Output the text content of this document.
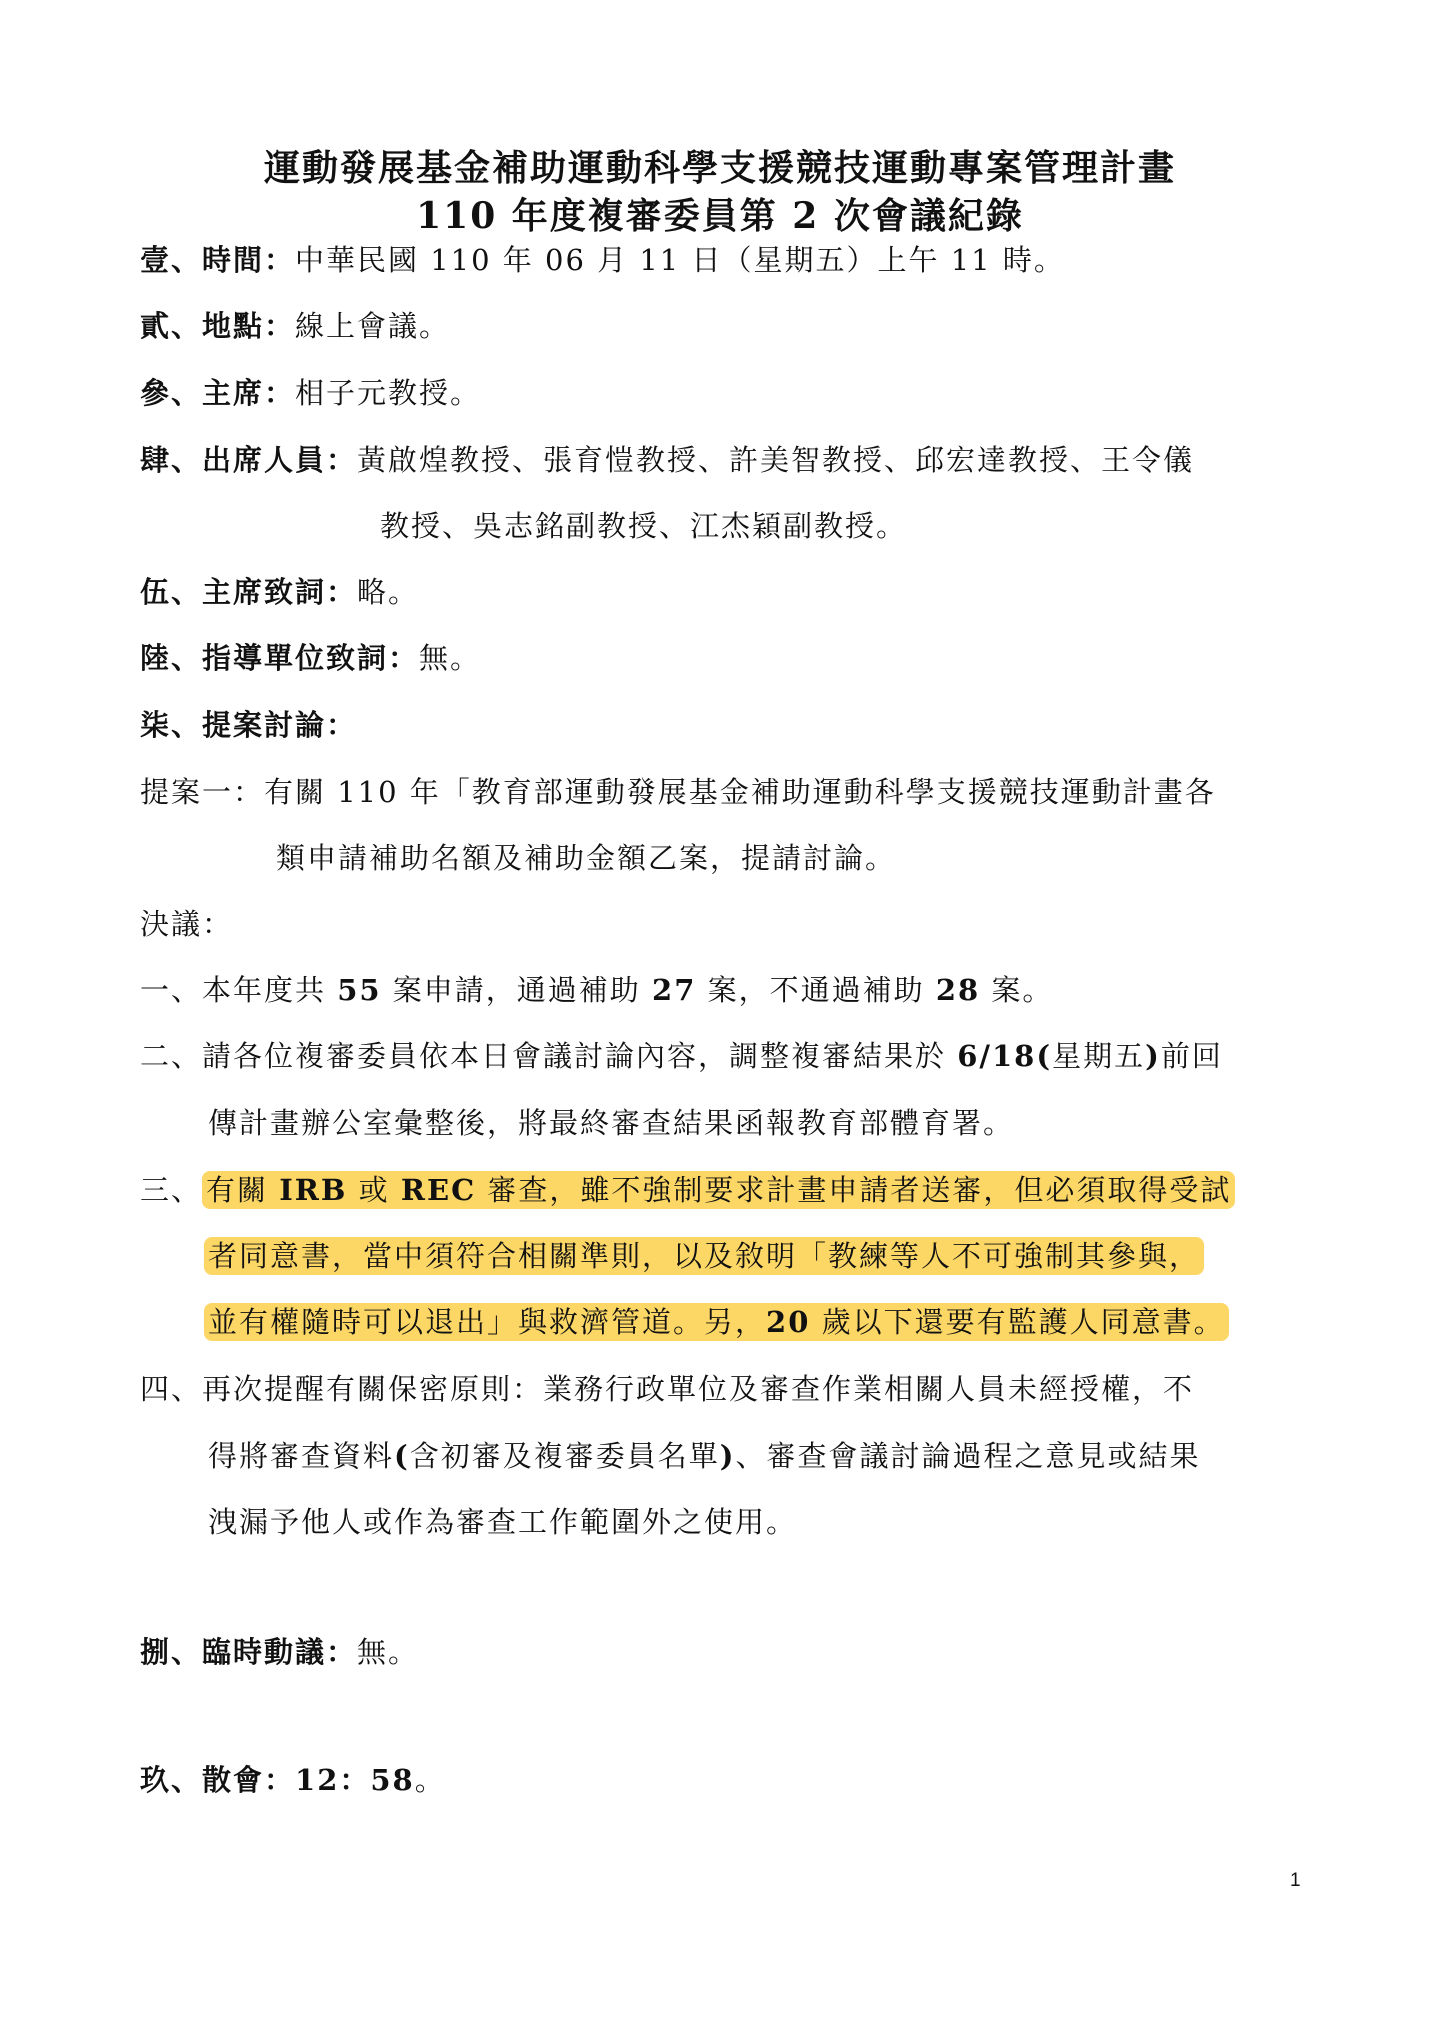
運動發展基金補助運動科學支援競技運動專案管理計畫
110 年度複審委員第 2 次會議紀錄
壹、時間：中華民國 110 年 06 月 11 日（星期五）上午 11 時。
貳、地點：線上會議。
參、主席：相子元教授。
肆、出席人員：黃啟煌教授、張育愷教授、許美智教授、邱宏達教授、王令儀
教授、吳志銘副教授、江杰穎副教授。
伍、主席致詞：略。
陸、指導單位致詞：無。
柒、提案討論：
提案一：有關 110 年「教育部運動發展基金補助運動科學支援競技運動計畫各
類申請補助名額及補助金額乙案，提請討論。
決議：
一、本年度共 55 案申請，通過補助 27 案，不通過補助 28 案。
二、請各位複審委員依本日會議討論內容，調整複審結果於 6/18(星期五)前回
傳計畫辦公室彙整後，將最終審查結果函報教育部體育署。
三、 有關 IRB 或 REC 審查，雖不強制要求計畫申請者送審，但必須取得受試
者同意書，當中須符合相關準則，以及敘明「教練等人不可強制其參與，
並有權隨時可以退出」與救濟管道。另，20 歲以下還要有監護人同意書。
四、再次提醒有關保密原則：業務行政單位及審查作業相關人員未經授權，不
得將審查資料(含初審及複審委員名單)、審查會議討論過程之意見或結果
洩漏予他人或作為審查工作範圍外之使用。
捌、臨時動議：無。
玖、散會：12：58。
1
